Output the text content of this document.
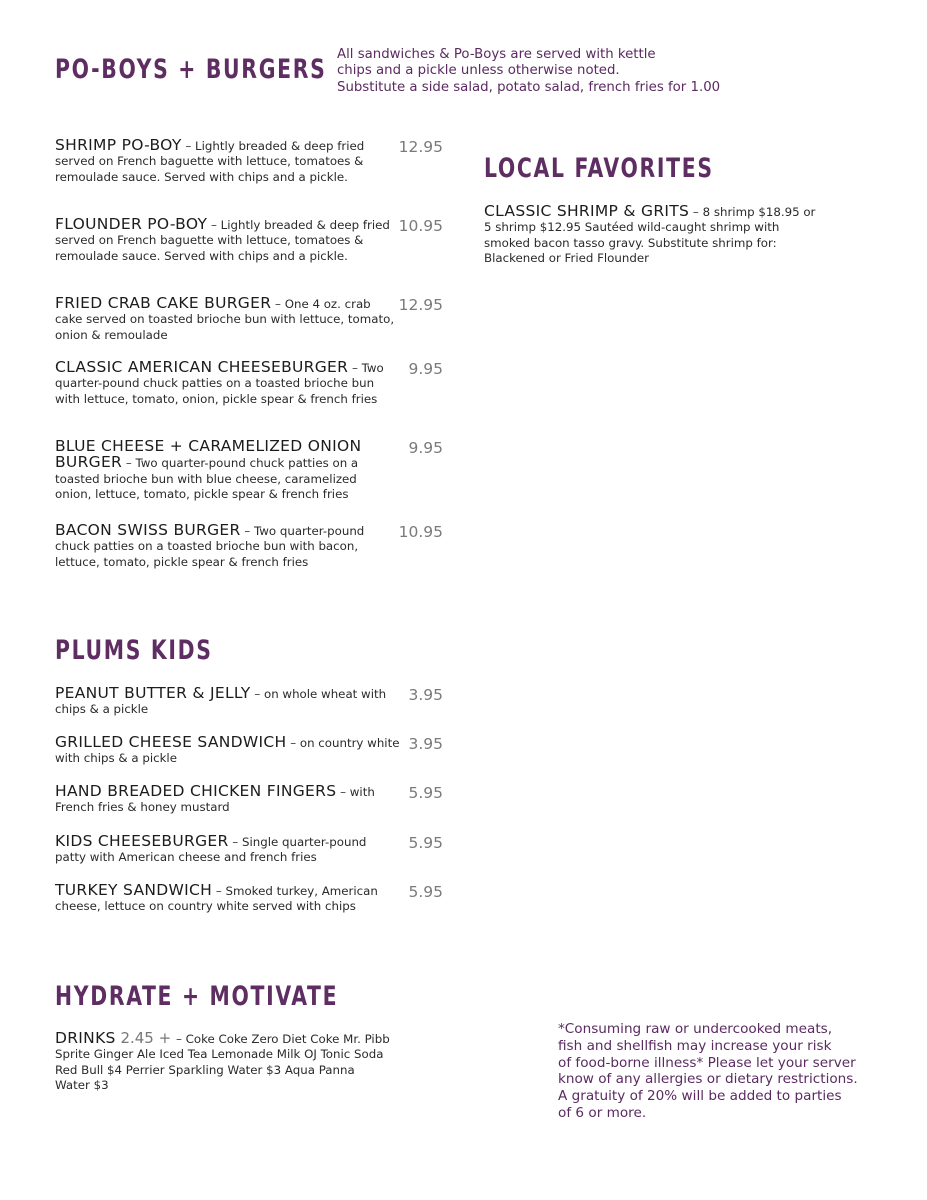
PO-BOYS + BURGERS All sandwiches & Po-Boys are served with kettle
chips and a pickle unless otherwise noted.
Substitute a side salad, potato salad, french fries for 1.00

SHRIMP PO-BOY – Lightly breaded & deep fried served on French baguette with lettuce, tomatoes & remoulade sauce. Served with chips and a pickle.

12.95

FLOUNDER PO-BOY – Lightly breaded & deep fried served on French baguette with lettuce, tomatoes & remoulade sauce. Served with chips and a pickle.

10.95

FRIED CRAB CAKE BURGER – One 4 oz. crab cake served on toasted brioche bun with lettuce, tomato, onion & remoulade

12.95

CLASSIC AMERICAN CHEESEBURGER – Two quarter-pound chuck patties on a toasted brioche bun with lettuce, tomato, onion, pickle spear & french fries

9.95

BLUE CHEESE + CARAMELIZED ONION BURGER – Two quarter-pound chuck patties on a toasted brioche bun with blue cheese, caramelized onion, lettuce, tomato, pickle spear & french fries

9.95

BACON SWISS BURGER – Two quarter-pound chuck patties on a toasted brioche bun with bacon, lettuce, tomato, pickle spear & french fries

10.95
LOCAL FAVORITES

CLASSIC SHRIMP & GRITS – 8 shrimp $18.95 or 5 shrimp $12.95 Sautéed wild-caught shrimp with smoked bacon tasso gravy. Substitute shrimp for: Blackened or Fried Flounder

PLUMS KIDS

PEANUT BUTTER & JELLY – on whole wheat with chips & a pickle

3.95

GRILLED CHEESE SANDWICH – on country white with chips & a pickle

3.95

HAND BREADED CHICKEN FINGERS – with French fries & honey mustard

5.95

KIDS CHEESEBURGER – Single quarter-pound patty with American cheese and french fries

5.95

TURKEY SANDWICH – Smoked turkey, American cheese, lettuce on country white served with chips

5.95
HYDRATE + MOTIVATE

DRINKS 2.45 + – Coke Coke Zero Diet Coke Mr. Pibb Sprite Ginger Ale Iced Tea Lemonade Milk OJ Tonic Soda Red Bull $4 Perrier Sparkling Water $3 Aqua Panna Water $3

*Consuming raw or undercooked meats,
fish and shellfish may increase your risk
of food-borne illness* Please let your server
know of any allergies or dietary restrictions.
A gratuity of 20% will be added to parties
of 6 or more.
